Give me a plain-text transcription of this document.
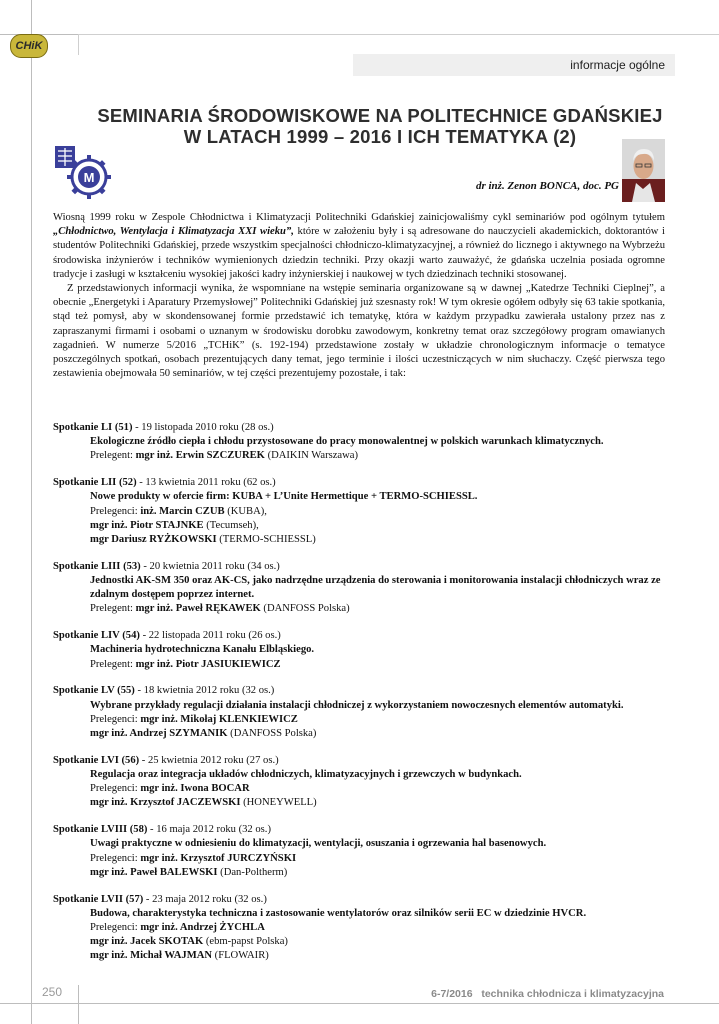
CHiK
informacje ogólne
SEMINARIA ŚRODOWISKOWE NA POLITECHNICE GDAŃSKIEJ
W LATACH 1999 – 2016 I ICH TEMATYKA (2)
M
dr inż. Zenon BONCA, doc. PG

Wiosną 1999 roku w Zespole Chłodnictwa i Klimatyzacji Politechniki Gdańskiej zainicjowaliśmy cykl seminariów pod ogólnym tytułem „Chłodnictwo, Wentylacja i Klimatyzacja XXI wieku”, które w założeniu były i są adresowane do nauczycieli akademickich, doktorantów i studentów Politechniki Gdańskiej, przede wszystkim specjalności chłodniczo-klimatyzacyjnej, a również do licznego i aktywnego na Wybrzeżu środowiska inżynierów i techników wymienionych dziedzin techniki. Przy okazji warto zauważyć, że gdańska uczelnia posiada ogromne tradycje i zasługi w kształceniu wysokiej jakości kadry inżynierskiej i naukowej w tych dziedzinach techniki stosowanej.

Z przedstawionych informacji wynika, że wspomniane na wstępie seminaria organizowane są w dawnej „Katedrze Techniki Cieplnej”, a obecnie „Energetyki i Aparatury Przemysłowej” Politechniki Gdańskiej już szesnasty rok! W tym okresie ogółem odbyły się 63 takie spotkania, stąd też pomysł, aby w skondensowanej formie przedstawić ich tematykę, która w każdym przypadku zawierała ustalony przez nas z zapraszanymi firmami i osobami o uznanym w środowisku dorobku zawodowym, konkretny temat oraz szczegółowy program omawianych zagadnień. W numerze 5/2016 „TCHiK” (s. 192-194) przedstawione zostały w układzie chronologicznym informacje o tematyce poszczególnych spotkań, osobach prezentujących dany temat, jego terminie i ilości uczestniczących w nim słuchaczy. Część pierwsza tego zestawienia obejmowała 50 seminariów, w tej części prezentujemy pozostałe, i tak:

Spotkanie LI (51) - 19 listopada 2010 roku (28 os.)
Ekologiczne źródło ciepła i chłodu przystosowane do pracy monowalentnej w polskich warunkach klimatycznych.
Prelegent: mgr inż. Erwin SZCZUREK (DAIKIN Warszawa)
Spotkanie LII (52) - 13 kwietnia 2011 roku (62 os.)
Nowe produkty w ofercie firm: KUBA + L’Unite Hermettique + TERMO-SCHIESSL.
Prelegenci: inż. Marcin CZUB (KUBA),
mgr inż. Piotr STAJNKE (Tecumseh),
mgr Dariusz RYŻKOWSKI (TERMO-SCHIESSL)
Spotkanie LIII (53) - 20 kwietnia 2011 roku (34 os.)
Jednostki AK-SM 350 oraz AK-CS, jako nadrzędne urządzenia do sterowania i monitorowania instalacji chłodniczych wraz ze zdalnym dostępem poprzez internet.
Prelegent: mgr inż. Paweł RĘKAWEK (DANFOSS Polska)
Spotkanie LIV (54) - 22 listopada 2011 roku (26 os.)
Machineria hydrotechniczna Kanału Elbląskiego.
Prelegent: mgr inż. Piotr JASIUKIEWICZ
Spotkanie LV (55) - 18 kwietnia 2012 roku (32 os.)
Wybrane przykłady regulacji działania instalacji chłodniczej z wykorzystaniem nowoczesnych elementów automatyki.
Prelegenci: mgr inż. Mikołaj KLENKIEWICZ
mgr inż. Andrzej SZYMANIK (DANFOSS Polska)
Spotkanie LVI (56) - 25 kwietnia 2012 roku (27 os.)
Regulacja oraz integracja układów chłodniczych, klimatyzacyjnych i grzewczych w budynkach.
Prelegenci: mgr inż. Iwona BOCAR
mgr inż. Krzysztof JACZEWSKI (HONEYWELL)
Spotkanie LVIII (58) - 16 maja 2012 roku (32 os.)
Uwagi praktyczne w odniesieniu do klimatyzacji, wentylacji, osuszania i ogrzewania hal basenowych.
Prelegenci: mgr inż. Krzysztof JURCZYŃSKI
mgr inż. Paweł BALEWSKI (Dan-Poltherm)
Spotkanie LVII (57) - 23 maja 2012 roku (32 os.)
Budowa, charakterystyka techniczna i zastosowanie wentylatorów oraz silników serii EC w dziedzinie HVCR.
Prelegenci: mgr inż. Andrzej ŻYCHLA
mgr inż. Jacek SKOTAK (ebm-papst Polska)
mgr inż. Michał WAJMAN (FLOWAIR)
250	6-7/2016 technika chłodnicza i klimatyzacyjna
